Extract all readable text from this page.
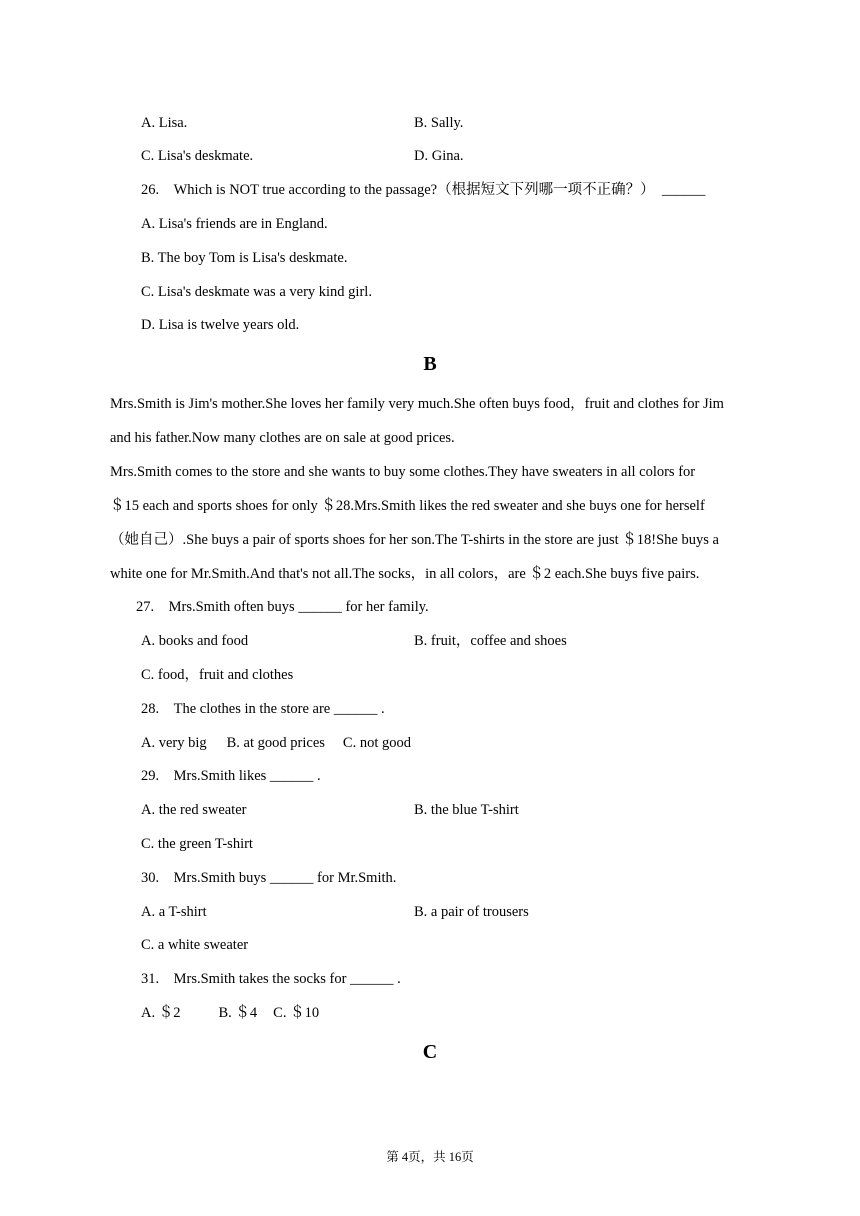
A. Lisa.	B. Sally.
C. Lisa's deskmate.	D. Gina.
26.　Which is NOT true according to the passage?（根据短文下列哪一项不正确？）　______
A. Lisa's friends are in England.
B. The boy Tom is Lisa's deskmate.
C. Lisa's deskmate was a very kind girl.
D. Lisa is twelve years old.
B
Mrs.Smith is Jim's mother.She loves her family very much.She often buys food，fruit and clothes for Jim
and his father.Now many clothes are on sale at good prices.
Mrs.Smith comes to the store and she wants to buy some clothes.They have sweaters in all colors for
＄15 each and sports shoes for only ＄28.Mrs.Smith likes the red sweater and she buys one for herself
（她自己）.She buys a pair of sports shoes for her son.The T-shirts in the store are just ＄18!She buys a
white one for Mr.Smith.And that's not all.The socks，in all colors，are ＄2 each.She buys five pairs.
27.　Mrs.Smith often buys ______ for her family.
A. books and food	B. fruit，coffee and shoes
C. food，fruit and clothes
28.　The clothes in the store are ______ .
A. very big B. at good prices C. not good
29.　Mrs.Smith likes ______ .
A. the red sweater	B. the blue T-shirt
C. the green T-shirt
30.　Mrs.Smith buys ______ for Mr.Smith.
A. a T-shirt	B. a pair of trousers
C. a white sweater
31.　Mrs.Smith takes the socks for ______ .
A. ＄2	B. ＄4 C. ＄10
C
第 4页，共 16页
